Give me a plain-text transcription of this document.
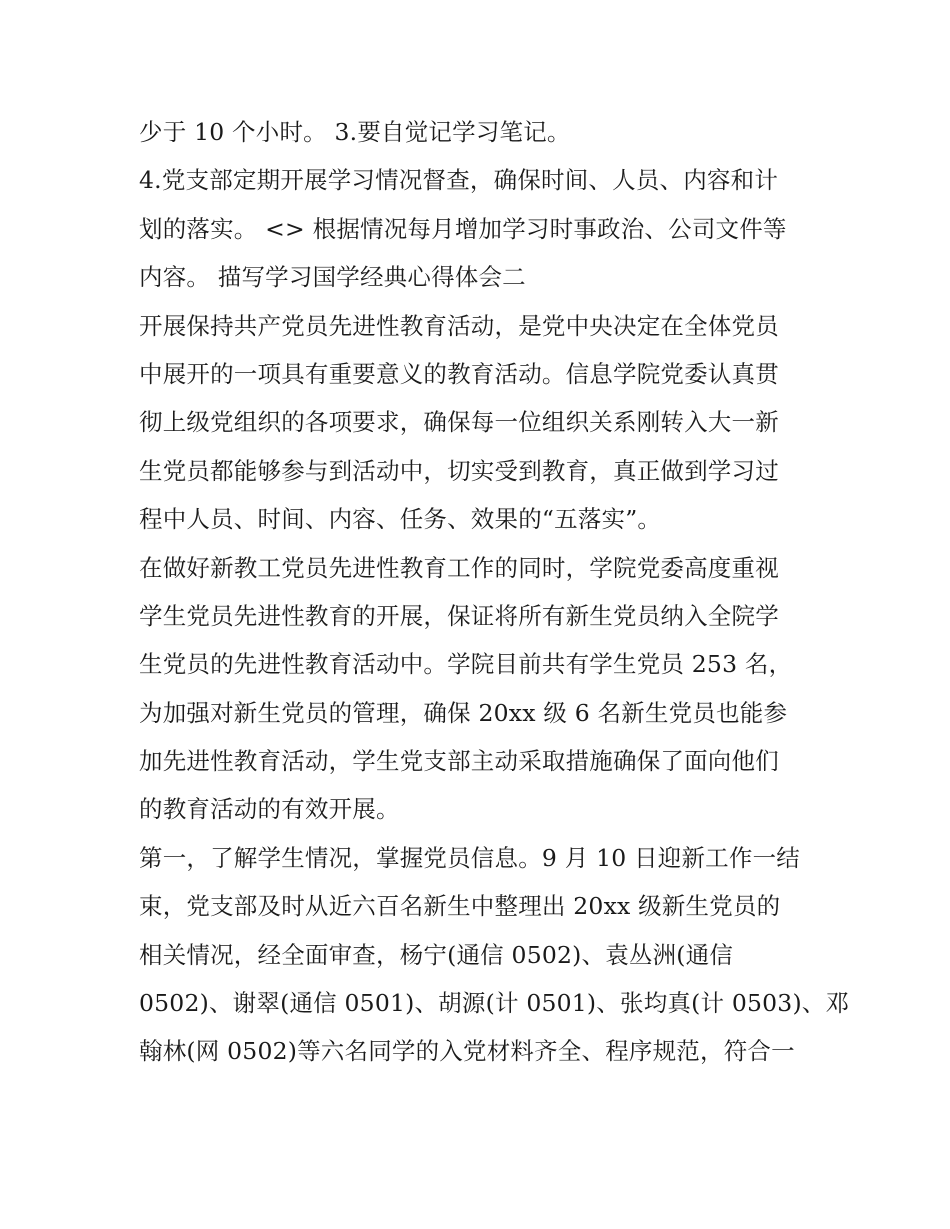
少于 10 个小时。 3.要自觉记学习笔记。
4.党支部定期开展学习情况督查，确保时间、人员、内容和计
划的落实。 <> 根据情况每月增加学习时事政治、公司文件等
内容。 描写学习国学经典心得体会二
开展保持共产党员先进性教育活动，是党中央决定在全体党员
中展开的一项具有重要意义的教育活动。信息学院党委认真贯
彻上级党组织的各项要求，确保每一位组织关系刚转入大一新
生党员都能够参与到活动中，切实受到教育，真正做到学习过
程中人员、时间、内容、任务、效果的“五落实”。
在做好新教工党员先进性教育工作的同时，学院党委高度重视
学生党员先进性教育的开展，保证将所有新生党员纳入全院学
生党员的先进性教育活动中。学院目前共有学生党员 253 名，
为加强对新生党员的管理，确保 20xx 级 6 名新生党员也能参
加先进性教育活动，学生党支部主动采取措施确保了面向他们
的教育活动的有效开展。
第一，了解学生情况，掌握党员信息。9 月 10 日迎新工作一结
束，党支部及时从近六百名新生中整理出 20xx 级新生党员的
相关情况，经全面审查，杨宁(通信 0502)、袁丛洲(通信
0502)、谢翠(通信 0501)、胡源(计 0501)、张均真(计 0503)、邓
翰林(网 0502)等六名同学的入党材料齐全、程序规范，符合一
